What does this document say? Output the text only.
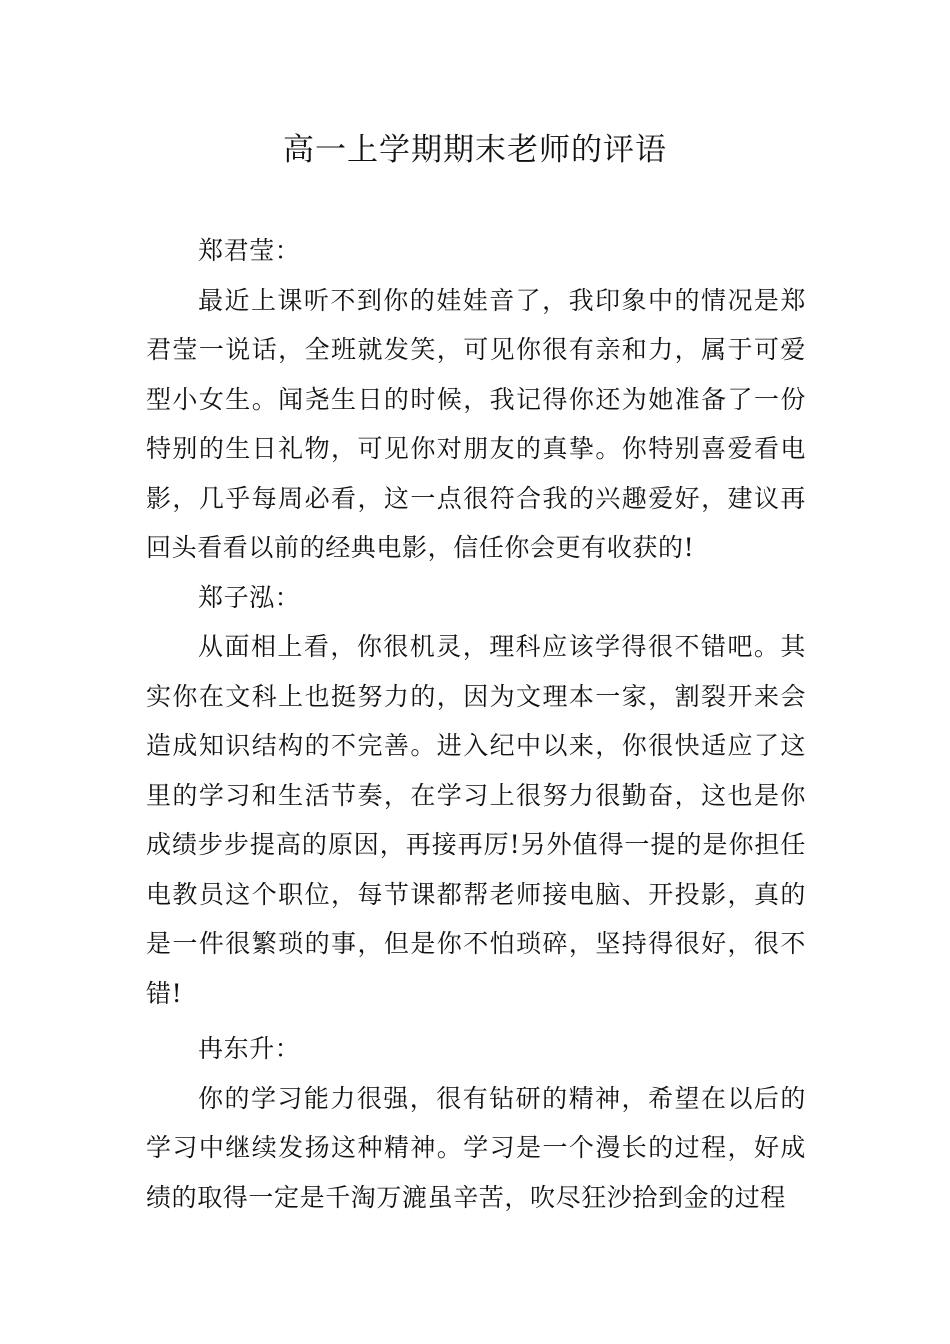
高一上学期期末老师的评语

郑君莹：

最近上课听不到你的娃娃音了，我印象中的情况是郑君莹一说话，全班就发笑，可见你很有亲和力，属于可爱型小女生。闻尧生日的时候，我记得你还为她准备了一份特别的生日礼物，可见你对朋友的真挚。你特别喜爱看电影，几乎每周必看，这一点很符合我的兴趣爱好，建议再回头看看以前的经典电影，信任你会更有收获的!

郑子泓：

从面相上看，你很机灵，理科应该学得很不错吧。其实你在文科上也挺努力的，因为文理本一家，割裂开来会造成知识结构的不完善。进入纪中以来，你很快适应了这里的学习和生活节奏，在学习上很努力很勤奋，这也是你成绩步步提高的原因，再接再厉!另外值得一提的是你担任电教员这个职位，每节课都帮老师接电脑、开投影，真的是一件很繁琐的事，但是你不怕琐碎，坚持得很好，很不错!

冉东升：

你的学习能力很强，很有钻研的精神，希望在以后的学习中继续发扬这种精神。学习是一个漫长的过程，好成绩的取得一定是千淘万漉虽辛苦，吹尽狂沙拾到金的过程
